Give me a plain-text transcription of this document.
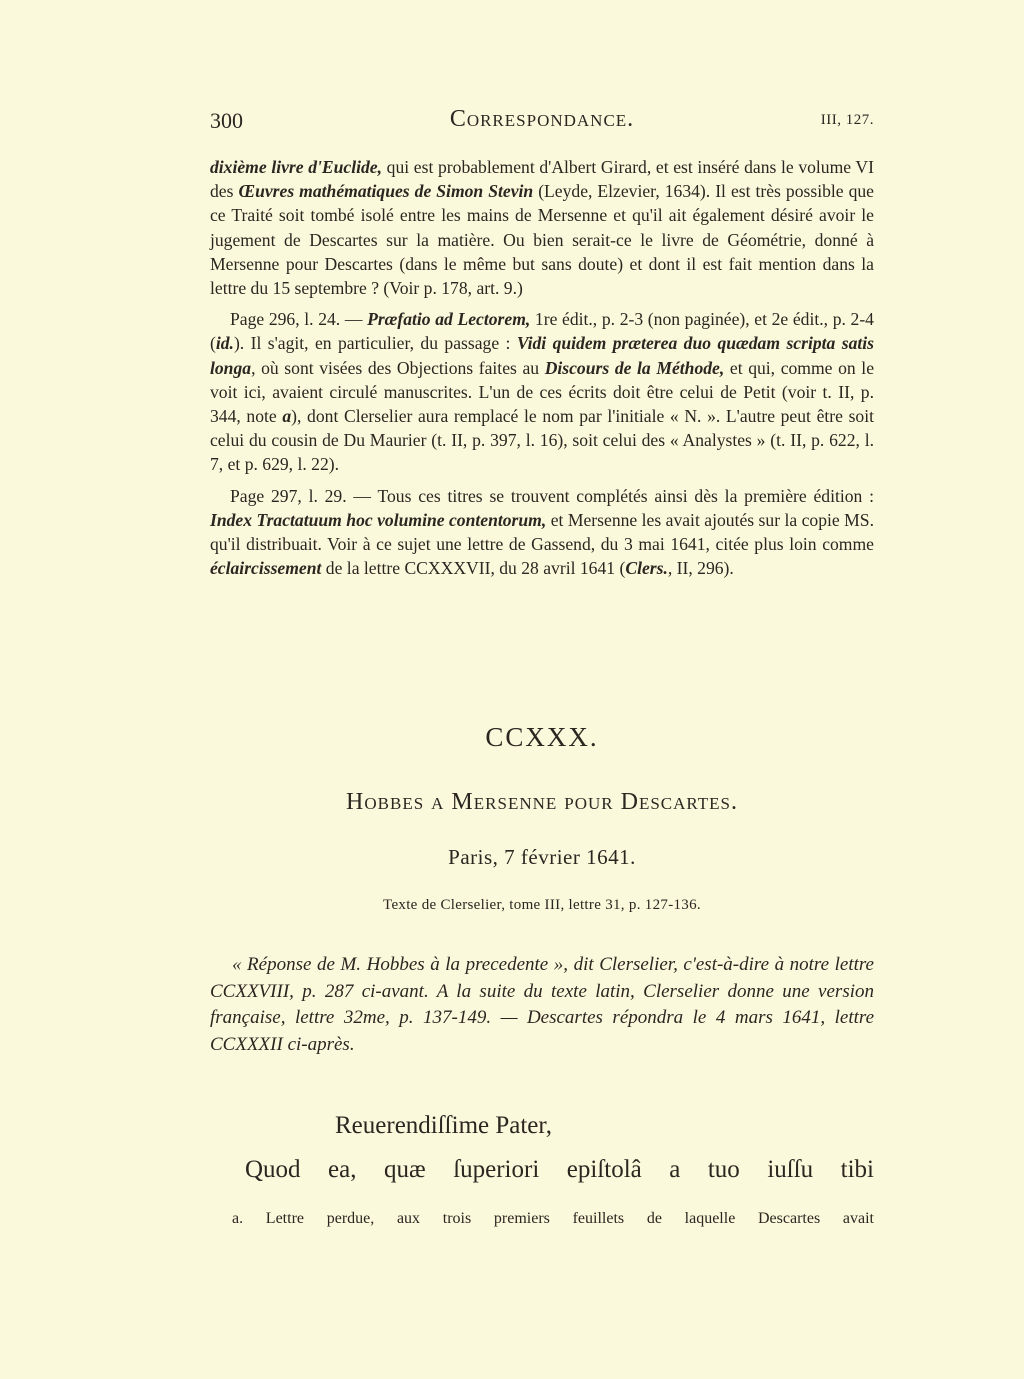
300	Correspondance.	III, 127.

dixième livre d'Euclide, qui est probablement d'Albert Girard, et est inséré dans le volume VI des Œuvres mathématiques de Simon Stevin (Leyde, Elzevier, 1634). Il est très possible que ce Traité soit tombé isolé entre les mains de Mersenne et qu'il ait également désiré avoir le jugement de Descartes sur la matière. Ou bien serait-ce le livre de Géométrie, donné à Mersenne pour Descartes (dans le même but sans doute) et dont il est fait mention dans la lettre du 15 septembre ? (Voir p. 178, art. 9.)

Page 296, l. 24. — Præfatio ad Lectorem, 1re édit., p. 2-3 (non paginée), et 2e édit., p. 2-4 (id.). Il s'agit, en particulier, du passage : Vidi quidem præterea duo quædam scripta satis longa, où sont visées des Objections faites au Discours de la Méthode, et qui, comme on le voit ici, avaient circulé manuscrites. L'un de ces écrits doit être celui de Petit (voir t. II, p. 344, note a), dont Clerselier aura remplacé le nom par l'initiale « N. ». L'autre peut être soit celui du cousin de Du Maurier (t. II, p. 397, l. 16), soit celui des « Analystes » (t. II, p. 622, l. 7, et p. 629, l. 22).

Page 297, l. 29. — Tous ces titres se trouvent complétés ainsi dès la première édition : Index Tractatuum hoc volumine contentorum, et Mersenne les avait ajoutés sur la copie MS. qu'il distribuait. Voir à ce sujet une lettre de Gassend, du 3 mai 1641, citée plus loin comme éclaircissement de la lettre CCXXXVII, du 28 avril 1641 (Clers., II, 296).

CCXXX.
Hobbes a Mersenne pour Descartes.
Paris, 7 février 1641.
Texte de Clerselier, tome III, lettre 31, p. 127-136.

« Réponse de M. Hobbes à la precedente », dit Clerselier, c'est-à-dire à notre lettre CCXXVIII, p. 287 ci-avant. A la suite du texte latin, Clerselier donne une version française, lettre 32me, p. 137-149. — Descartes répondra le 4 mars 1641, lettre CCXXXII ci-après.

Reuerendiſſime Pater,
Quod ea, quæ ſuperiori epiſtolâ a tuo iuſſu tibi
a. Lettre perdue, aux trois premiers feuillets de laquelle Descartes avait
